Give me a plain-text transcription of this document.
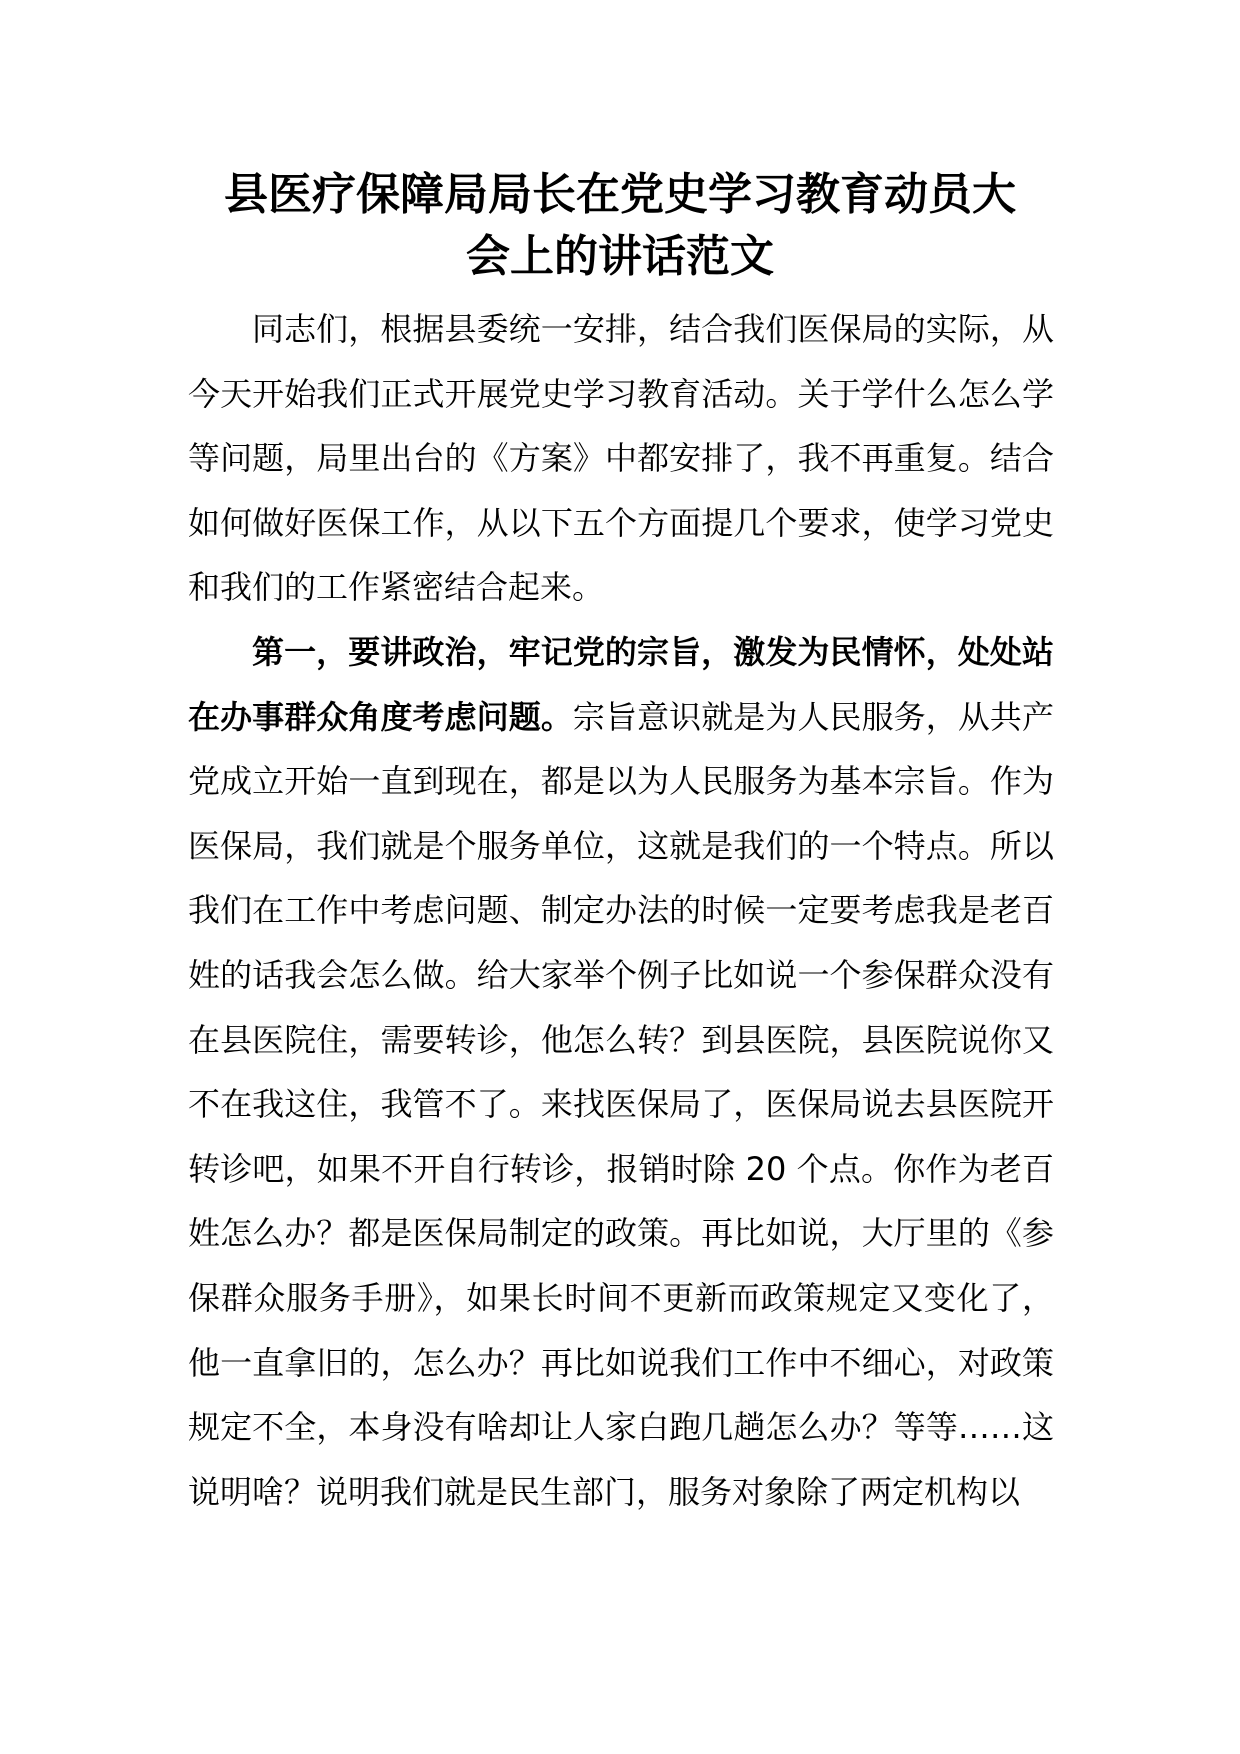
县医疗保障局局长在党史学习教育动员大
会上的讲话范文

同志们，根据县委统一安排，结合我们医保局的实际，从今天开始我们正式开展党史学习教育活动。关于学什么怎么学等问题，局里出台的《方案》中都安排了，我不再重复。结合如何做好医保工作，从以下五个方面提几个要求，使学习党史和我们的工作紧密结合起来。

第一，要讲政治，牢记党的宗旨，激发为民情怀，处处站在办事群众角度考虑问题。宗旨意识就是为人民服务，从共产党成立开始一直到现在，都是以为人民服务为基本宗旨。作为医保局，我们就是个服务单位，这就是我们的一个特点。所以我们在工作中考虑问题、制定办法的时候一定要考虑我是老百姓的话我会怎么做。给大家举个例子比如说一个参保群众没有在县医院住，需要转诊，他怎么转？到县医院，县医院说你又不在我这住，我管不了。来找医保局了，医保局说去县医院开转诊吧，如果不开自行转诊，报销时除 20 个点。你作为老百姓怎么办？都是医保局制定的政策。再比如说，大厅里的《参保群众服务手册》，如果长时间不更新而政策规定又变化了，他一直拿旧的，怎么办？再比如说我们工作中不细心，对政策规定不全，本身没有啥却让人家白跑几趟怎么办？等等……这说明啥？说明我们就是民生部门，服务对象除了两定机构以
